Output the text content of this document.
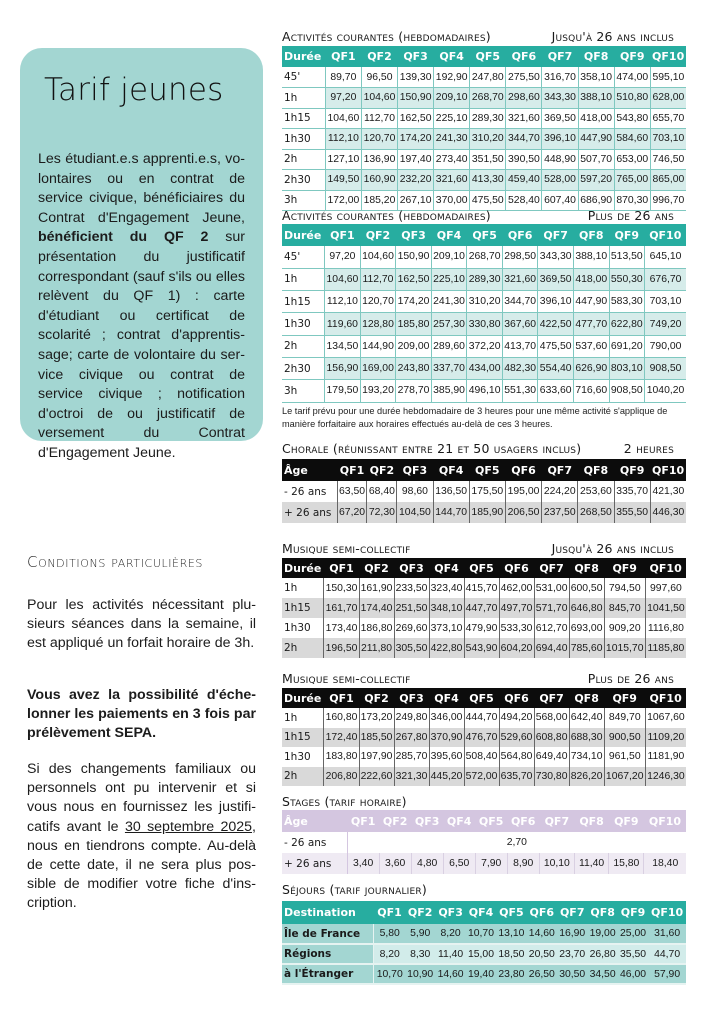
Tarif jeunes

Les étudiant.e.s apprenti.e.s, volontaires ou en contrat de service civique, bénéficiaires du Contrat d'Engagement Jeune, bénéficient du QF 2 sur présentation du justificatif correspondant (sauf s'ils ou elles relèvent du QF 1) : carte d'étudiant ou certificat de scolarité ; contrat d'apprentissage; carte de volontaire du service civique ou contrat de service civique ; notification d'octroi de ou justificatif de versement du Contrat d'Engagement Jeune.

Conditions particulières

Pour les activités nécessitant plusieurs séances dans la semaine, il est appliqué un forfait horaire de 3h.

Vous avez la possibilité d'échelonner les paiements en 3 fois par prélèvement SEPA.

Si des changements familiaux ou personnels ont pu intervenir et si vous nous en fournissez les justificatifs avant le 30 septembre 2025, nous en tiendrons compte. Au-delà de cette date, il ne sera plus possible de modifier votre fiche d'inscription.

Activités courantes (hebdomadaires)	Jusqu'à 26 ans inclus
Durée	QF1	QF2	QF3	QF4	QF5	QF6	QF7	QF8	QF9	QF10
45'	89,70	96,50	139,30	192,90	247,80	275,50	316,70	358,10	474,00	595,10
1h	97,20	104,60	150,90	209,10	268,70	298,60	343,30	388,10	510,80	628,00
1h15	104,60	112,70	162,50	225,10	289,30	321,60	369,50	418,00	543,80	655,70
1h30	112,10	120,70	174,20	241,30	310,20	344,70	396,10	447,90	584,60	703,10
2h	127,10	136,90	197,40	273,40	351,50	390,50	448,90	507,70	653,00	746,50
2h30	149,50	160,90	232,20	321,60	413,30	459,40	528,00	597,20	765,00	865,00
3h	172,00	185,20	267,10	370,00	475,50	528,40	607,40	686,90	870,30	996,70
Activités courantes (hebdomadaires)	Plus de 26 ans
Durée	QF1	QF2	QF3	QF4	QF5	QF6	QF7	QF8	QF9	QF10
45'	97,20	104,60	150,90	209,10	268,70	298,50	343,30	388,10	513,50	645,10
1h	104,60	112,70	162,50	225,10	289,30	321,60	369,50	418,00	550,30	676,70
1h15	112,10	120,70	174,20	241,30	310,20	344,70	396,10	447,90	583,30	703,10
1h30	119,60	128,80	185,80	257,30	330,80	367,60	422,50	477,70	622,80	749,20
2h	134,50	144,90	209,00	289,60	372,20	413,70	475,50	537,60	691,20	790,00
2h30	156,90	169,00	243,80	337,70	434,00	482,30	554,40	626,90	803,10	908,50
3h	179,50	193,20	278,70	385,90	496,10	551,30	633,60	716,60	908,50	1040,20

Le tarif prévu pour une durée hebdomadaire de 3 heures pour une même activité s'applique de manière forfaitaire aux horaires effectués au-delà de ces 3 heures.

Chorale (réunissant entre 21 et 50 usagers inclus)	2 heures
Âge	QF1	QF2	QF3	QF4	QF5	QF6	QF7	QF8	QF9	QF10
- 26 ans	63,50	68,40	98,60	136,50	175,50	195,00	224,20	253,60	335,70	421,30
+ 26 ans	67,20	72,30	104,50	144,70	185,90	206,50	237,50	268,50	355,50	446,30
Musique semi-collectif	Jusqu'à 26 ans inclus
Durée	QF1	QF2	QF3	QF4	QF5	QF6	QF7	QF8	QF9	QF10
1h	150,30	161,90	233,50	323,40	415,70	462,00	531,00	600,50	794,50	997,60
1h15	161,70	174,40	251,50	348,10	447,70	497,70	571,70	646,80	845,70	1041,50
1h30	173,40	186,80	269,60	373,10	479,90	533,30	612,70	693,00	909,20	1116,80
2h	196,50	211,80	305,50	422,80	543,90	604,20	694,40	785,60	1015,70	1185,80
Musique semi-collectif	Plus de 26 ans
Durée	QF1	QF2	QF3	QF4	QF5	QF6	QF7	QF8	QF9	QF10
1h	160,80	173,20	249,80	346,00	444,70	494,20	568,00	642,40	849,70	1067,60
1h15	172,40	185,50	267,80	370,90	476,70	529,60	608,80	688,30	900,50	1109,20
1h30	183,80	197,90	285,70	395,60	508,40	564,80	649,40	734,10	961,50	1181,90
2h	206,80	222,60	321,30	445,20	572,00	635,70	730,80	826,20	1067,20	1246,30
Stages (tarif horaire)
Âge	QF1	QF2	QF3	QF4	QF5	QF6	QF7	QF8	QF9	QF10
- 26 ans	2,70									
+ 26 ans	3,40	3,60	4,80	6,50	7,90	8,90	10,10	11,40	15,80	18,40
Séjours (tarif journalier)
Destination	QF1	QF2	QF3	QF4	QF5	QF6	QF7	QF8	QF9	QF10
Île de France	5,80	5,90	8,20	10,70	13,10	14,60	16,90	19,00	25,00	31,60
Régions	8,20	8,30	11,40	15,00	18,50	20,50	23,70	26,80	35,50	44,70
à l'Étranger	10,70	10,90	14,60	19,40	23,80	26,50	30,50	34,50	46,00	57,90
